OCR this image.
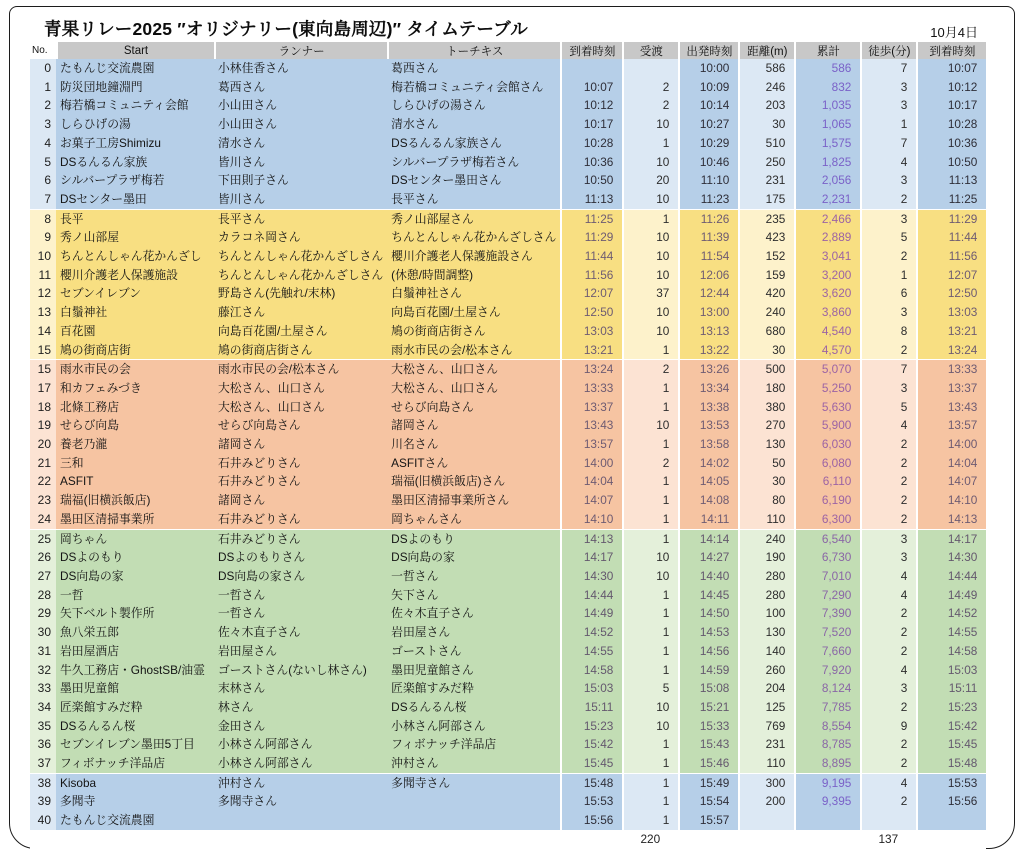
青果リレー2025 ″オリジナリー(東向島周辺)″ タイムテーブル	10月4日
No.	Start	ランナー	トーチキス	到着時刻	受渡	出発時刻	距離(m)	累計	徒歩(分)	到着時刻
0	たもんじ交流農園	小林佳香さん	葛西さん			10:00	586	586	7	10:07
1	防災団地鐘淵門	葛西さん	梅若橋コミュニティ会館さん	10:07	2	10:09	246	832	3	10:12
2	梅若橋コミュニティ会館	小山田さん	しらひげの湯さん	10:12	2	10:14	203	1,035	3	10:17
3	しらひげの湯	小山田さん	清水さん	10:17	10	10:27	30	1,065	1	10:28
4	お菓子工房Shimizu	清水さん	DSるんるん家族さん	10:28	1	10:29	510	1,575	7	10:36
5	DSるんるん家族	皆川さん	シルバープラザ梅若さん	10:36	10	10:46	250	1,825	4	10:50
6	シルバープラザ梅若	下田則子さん	DSセンター墨田さん	10:50	20	11:10	231	2,056	3	11:13
7	DSセンター墨田	皆川さん	長平さん	11:13	10	11:23	175	2,231	2	11:25
8	長平	長平さん	秀ノ山部屋さん	11:25	1	11:26	235	2,466	3	11:29
9	秀ノ山部屋	カラコネ岡さん	ちんとんしゃん花かんざしさん	11:29	10	11:39	423	2,889	5	11:44
10	ちんとんしゃん花かんざし	ちんとんしゃん花かんざしさん	櫻川介護老人保護施設さん	11:44	10	11:54	152	3,041	2	11:56
11	櫻川介護老人保護施設	ちんとんしゃん花かんざしさん	(休憩/時間調整)	11:56	10	12:06	159	3,200	1	12:07
12	セブンイレブン	野島さん(先触れ/末林)	白鬚神社さん	12:07	37	12:44	420	3,620	6	12:50
13	白鬚神社	藤江さん	向島百花園/土屋さん	12:50	10	13:00	240	3,860	3	13:03
14	百花園	向島百花園/土屋さん	鳩の街商店街さん	13:03	10	13:13	680	4,540	8	13:21
15	鳩の街商店街	鳩の街商店街さん	雨水市民の会/松本さん	13:21	1	13:22	30	4,570	2	13:24
15	雨水市民の会	雨水市民の会/松本さん	大松さん、山口さん	13:24	2	13:26	500	5,070	7	13:33
17	和カフェみづき	大松さん、山口さん	大松さん、山口さん	13:33	1	13:34	180	5,250	3	13:37
18	北條工務店	大松さん、山口さん	せらび向島さん	13:37	1	13:38	380	5,630	5	13:43
19	せらび向島	せらび向島さん	諸岡さん	13:43	10	13:53	270	5,900	4	13:57
20	養老乃瀧	諸岡さん	川名さん	13:57	1	13:58	130	6,030	2	14:00
21	三和	石井みどりさん	ASFITさん	14:00	2	14:02	50	6,080	2	14:04
22	ASFIT	石井みどりさん	瑞福(旧横浜飯店)さん	14:04	1	14:05	30	6,110	2	14:07
23	瑞福(旧横浜飯店)	諸岡さん	墨田区清掃事業所さん	14:07	1	14:08	80	6,190	2	14:10
24	墨田区清掃事業所	石井みどりさん	岡ちゃんさん	14:10	1	14:11	110	6,300	2	14:13
25	岡ちゃん	石井みどりさん	DSよのもり	14:13	1	14:14	240	6,540	3	14:17
26	DSよのもり	DSよのもりさん	DS向島の家	14:17	10	14:27	190	6,730	3	14:30
27	DS向島の家	DS向島の家さん	一哲さん	14:30	10	14:40	280	7,010	4	14:44
28	一哲	一哲さん	矢下さん	14:44	1	14:45	280	7,290	4	14:49
29	矢下ベルト製作所	一哲さん	佐々木直子さん	14:49	1	14:50	100	7,390	2	14:52
30	魚八栄五郎	佐々木直子さん	岩田屋さん	14:52	1	14:53	130	7,520	2	14:55
31	岩田屋酒店	岩田屋さん	ゴーストさん	14:55	1	14:56	140	7,660	2	14:58
32	牛久工務店・GhostSB/油霊	ゴーストさん(ないし林さん)	墨田児童館さん	14:58	1	14:59	260	7,920	4	15:03
33	墨田児童館	末林さん	匠楽館すみだ粋	15:03	5	15:08	204	8,124	3	15:11
34	匠楽館すみだ粋	林さん	DSるんるん桜	15:11	10	15:21	125	7,785	2	15:23
35	DSるんるん桜	金田さん	小林さん阿部さん	15:23	10	15:33	769	8,554	9	15:42
36	セブンイレブン墨田5丁目	小林さん阿部さん	フィボナッチ洋品店	15:42	1	15:43	231	8,785	2	15:45
37	フィボナッチ洋品店	小林さん阿部さん	沖村さん	15:45	1	15:46	110	8,895	2	15:48
38	Kisoba	沖村さん	多聞寺さん	15:48	1	15:49	300	9,195	4	15:53
39	多聞寺	多聞寺さん		15:53	1	15:54	200	9,395	2	15:56
40	たもんじ交流農園			15:56	1	15:57				
					220				137	
